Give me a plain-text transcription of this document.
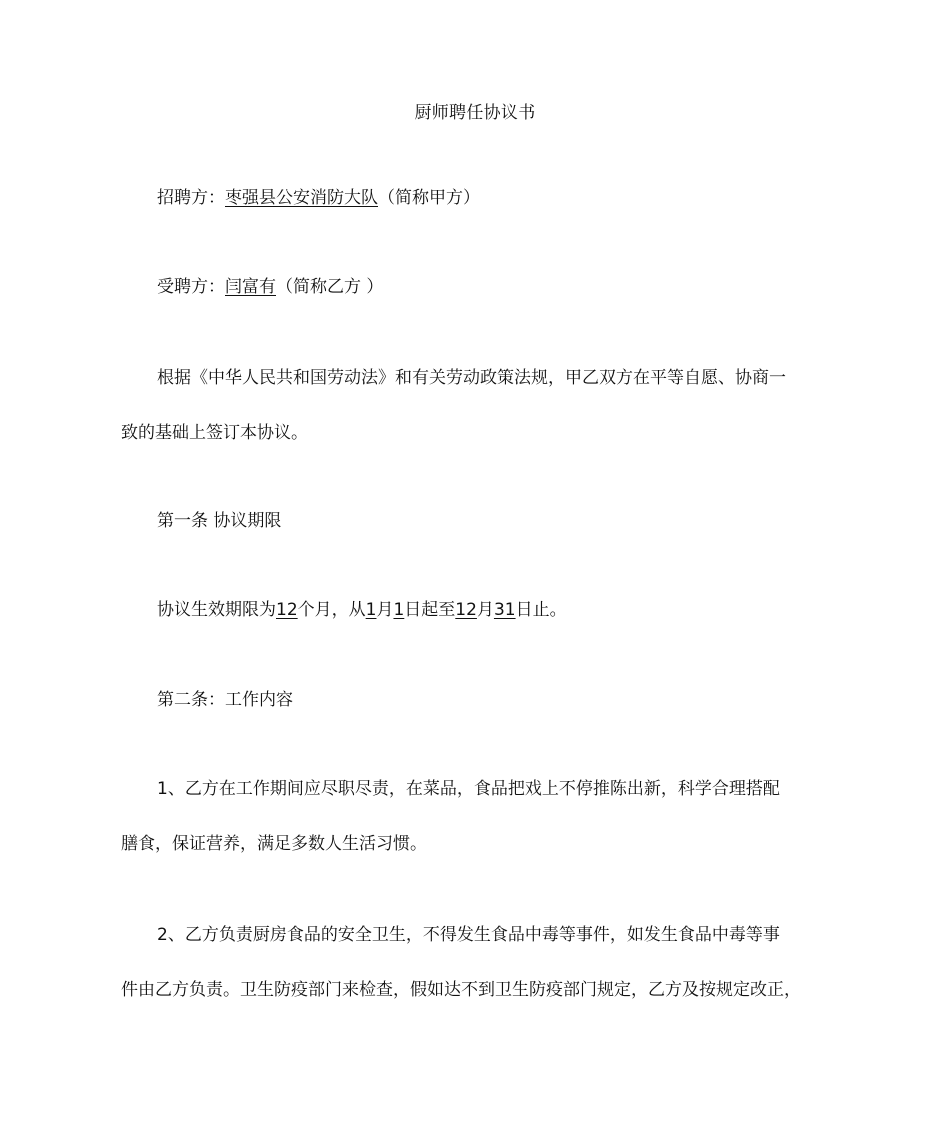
厨师聘任协议书
招聘方：枣强县公安消防大队（简称甲方）
受聘方：闫富有（简称乙方 ）
根据《中华人民共和国劳动法》和有关劳动政策法规，甲乙双方在平等自愿、协商一
致的基础上签订本协议。
第一条 协议期限
协议生效期限为12个月，从1月1日起至12月31日止。
第二条：工作内容
1、乙方在工作期间应尽职尽责，在菜品，食品把戏上不停推陈出新，科学合理搭配
膳食，保证营养，满足多数人生活习惯。
2、乙方负责厨房食品的安全卫生，不得发生食品中毒等事件，如发生食品中毒等事
件由乙方负责。卫生防疫部门来检查，假如达不到卫生防疫部门规定，乙方及按规定改正，
